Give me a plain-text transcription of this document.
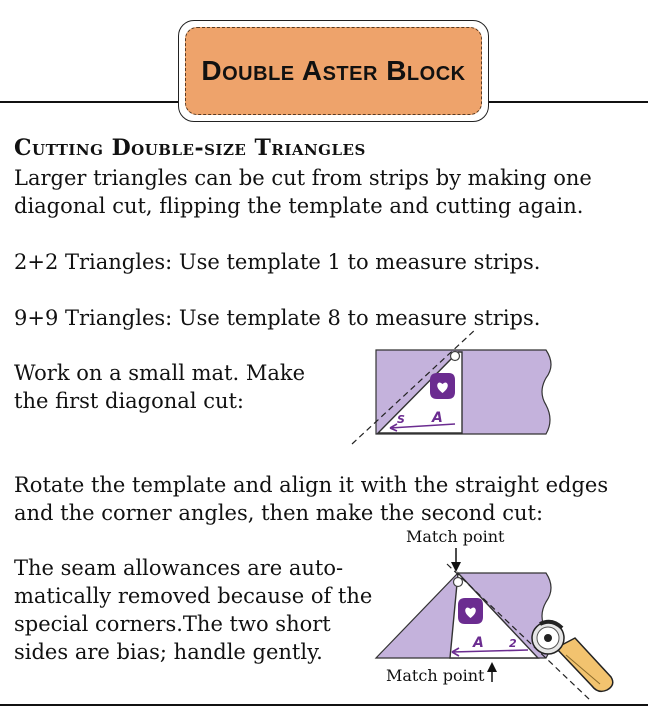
Double Aster Block
Cutting Double-size Triangles
Larger triangles can be cut from strips by making one
diagonal cut, flipping the template and cutting again.
2+2 Triangles: Use template 1 to measure strips.
9+9 Triangles: Use template 8 to measure strips.
Work on a small mat. Make
the first diagonal cut:
Rotate the template and align it with the straight edges
and the corner angles, then make the second cut:
The seam allowances are auto-
matically removed because of the
special corners.The two short
sides are bias; handle gently.
Match point
Match point
A
S
A 2
